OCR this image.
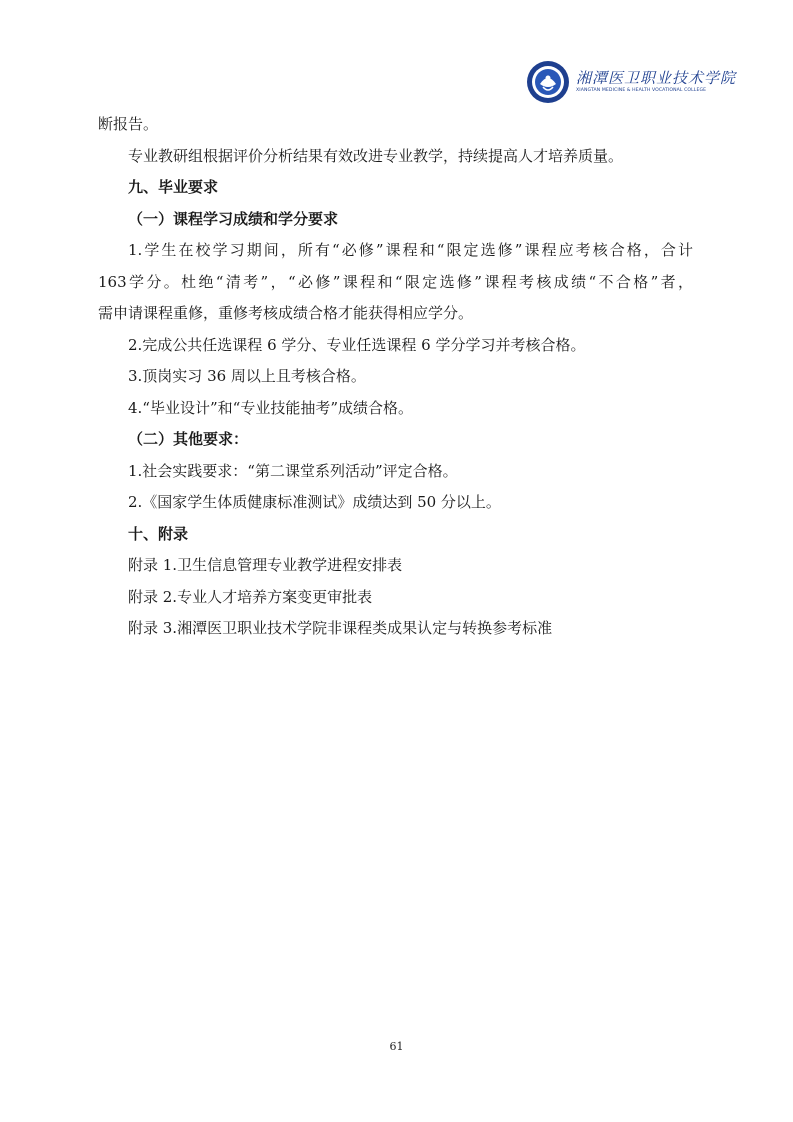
湘潭医卫职业技术学院
XIANGTAN MEDICINE & HEALTH VOCATIONAL COLLEGE

断报告。

专业教研组根据评价分析结果有效改进专业教学，持续提高人才培养质量。

九、毕业要求

（一）课程学习成绩和学分要求

1.学生在校学习期间，所有“必修”课程和“限定选修”课程应考核合格，合计

163学分。杜绝“清考”，“必修”课程和“限定选修”课程考核成绩“不合格”者，

需申请课程重修，重修考核成绩合格才能获得相应学分。

2.完成公共任选课程 6 学分、专业任选课程 6 学分学习并考核合格。

3.顶岗实习 36 周以上且考核合格。

4.“毕业设计”和“专业技能抽考”成绩合格。

（二）其他要求：

1.社会实践要求：“第二课堂系列活动”评定合格。

2.《国家学生体质健康标准测试》成绩达到 50 分以上。

十、附录

附录 1.卫生信息管理专业教学进程安排表

附录 2.专业人才培养方案变更审批表

附录 3.湘潭医卫职业技术学院非课程类成果认定与转换参考标准

61
